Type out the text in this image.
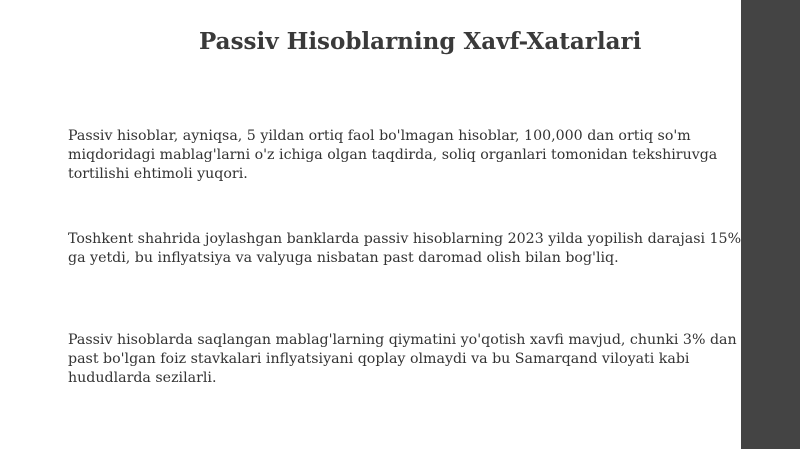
Passiv Hisoblarning Xavf-Xatarlari

Passiv hisoblar, ayniqsa, 5 yildan ortiq faol bo'lmagan hisoblar, 100,000 dan ortiq so'm
miqdoridagi mablag'larni o'z ichiga olgan taqdirda, soliq organlari tomonidan tekshiruvga
tortilishi ehtimoli yuqori.

Toshkent shahrida joylashgan banklarda passiv hisoblarning 2023 yilda yopilish darajasi 15%
ga yetdi, bu inflyatsiya va valyuga nisbatan past daromad olish bilan bog'liq.

Passiv hisoblarda saqlangan mablag'larning qiymatini yo'qotish xavfi mavjud, chunki 3% dan
past bo'lgan foiz stavkalari inflyatsiyani qoplay olmaydi va bu Samarqand viloyati kabi
hududlarda sezilarli.
